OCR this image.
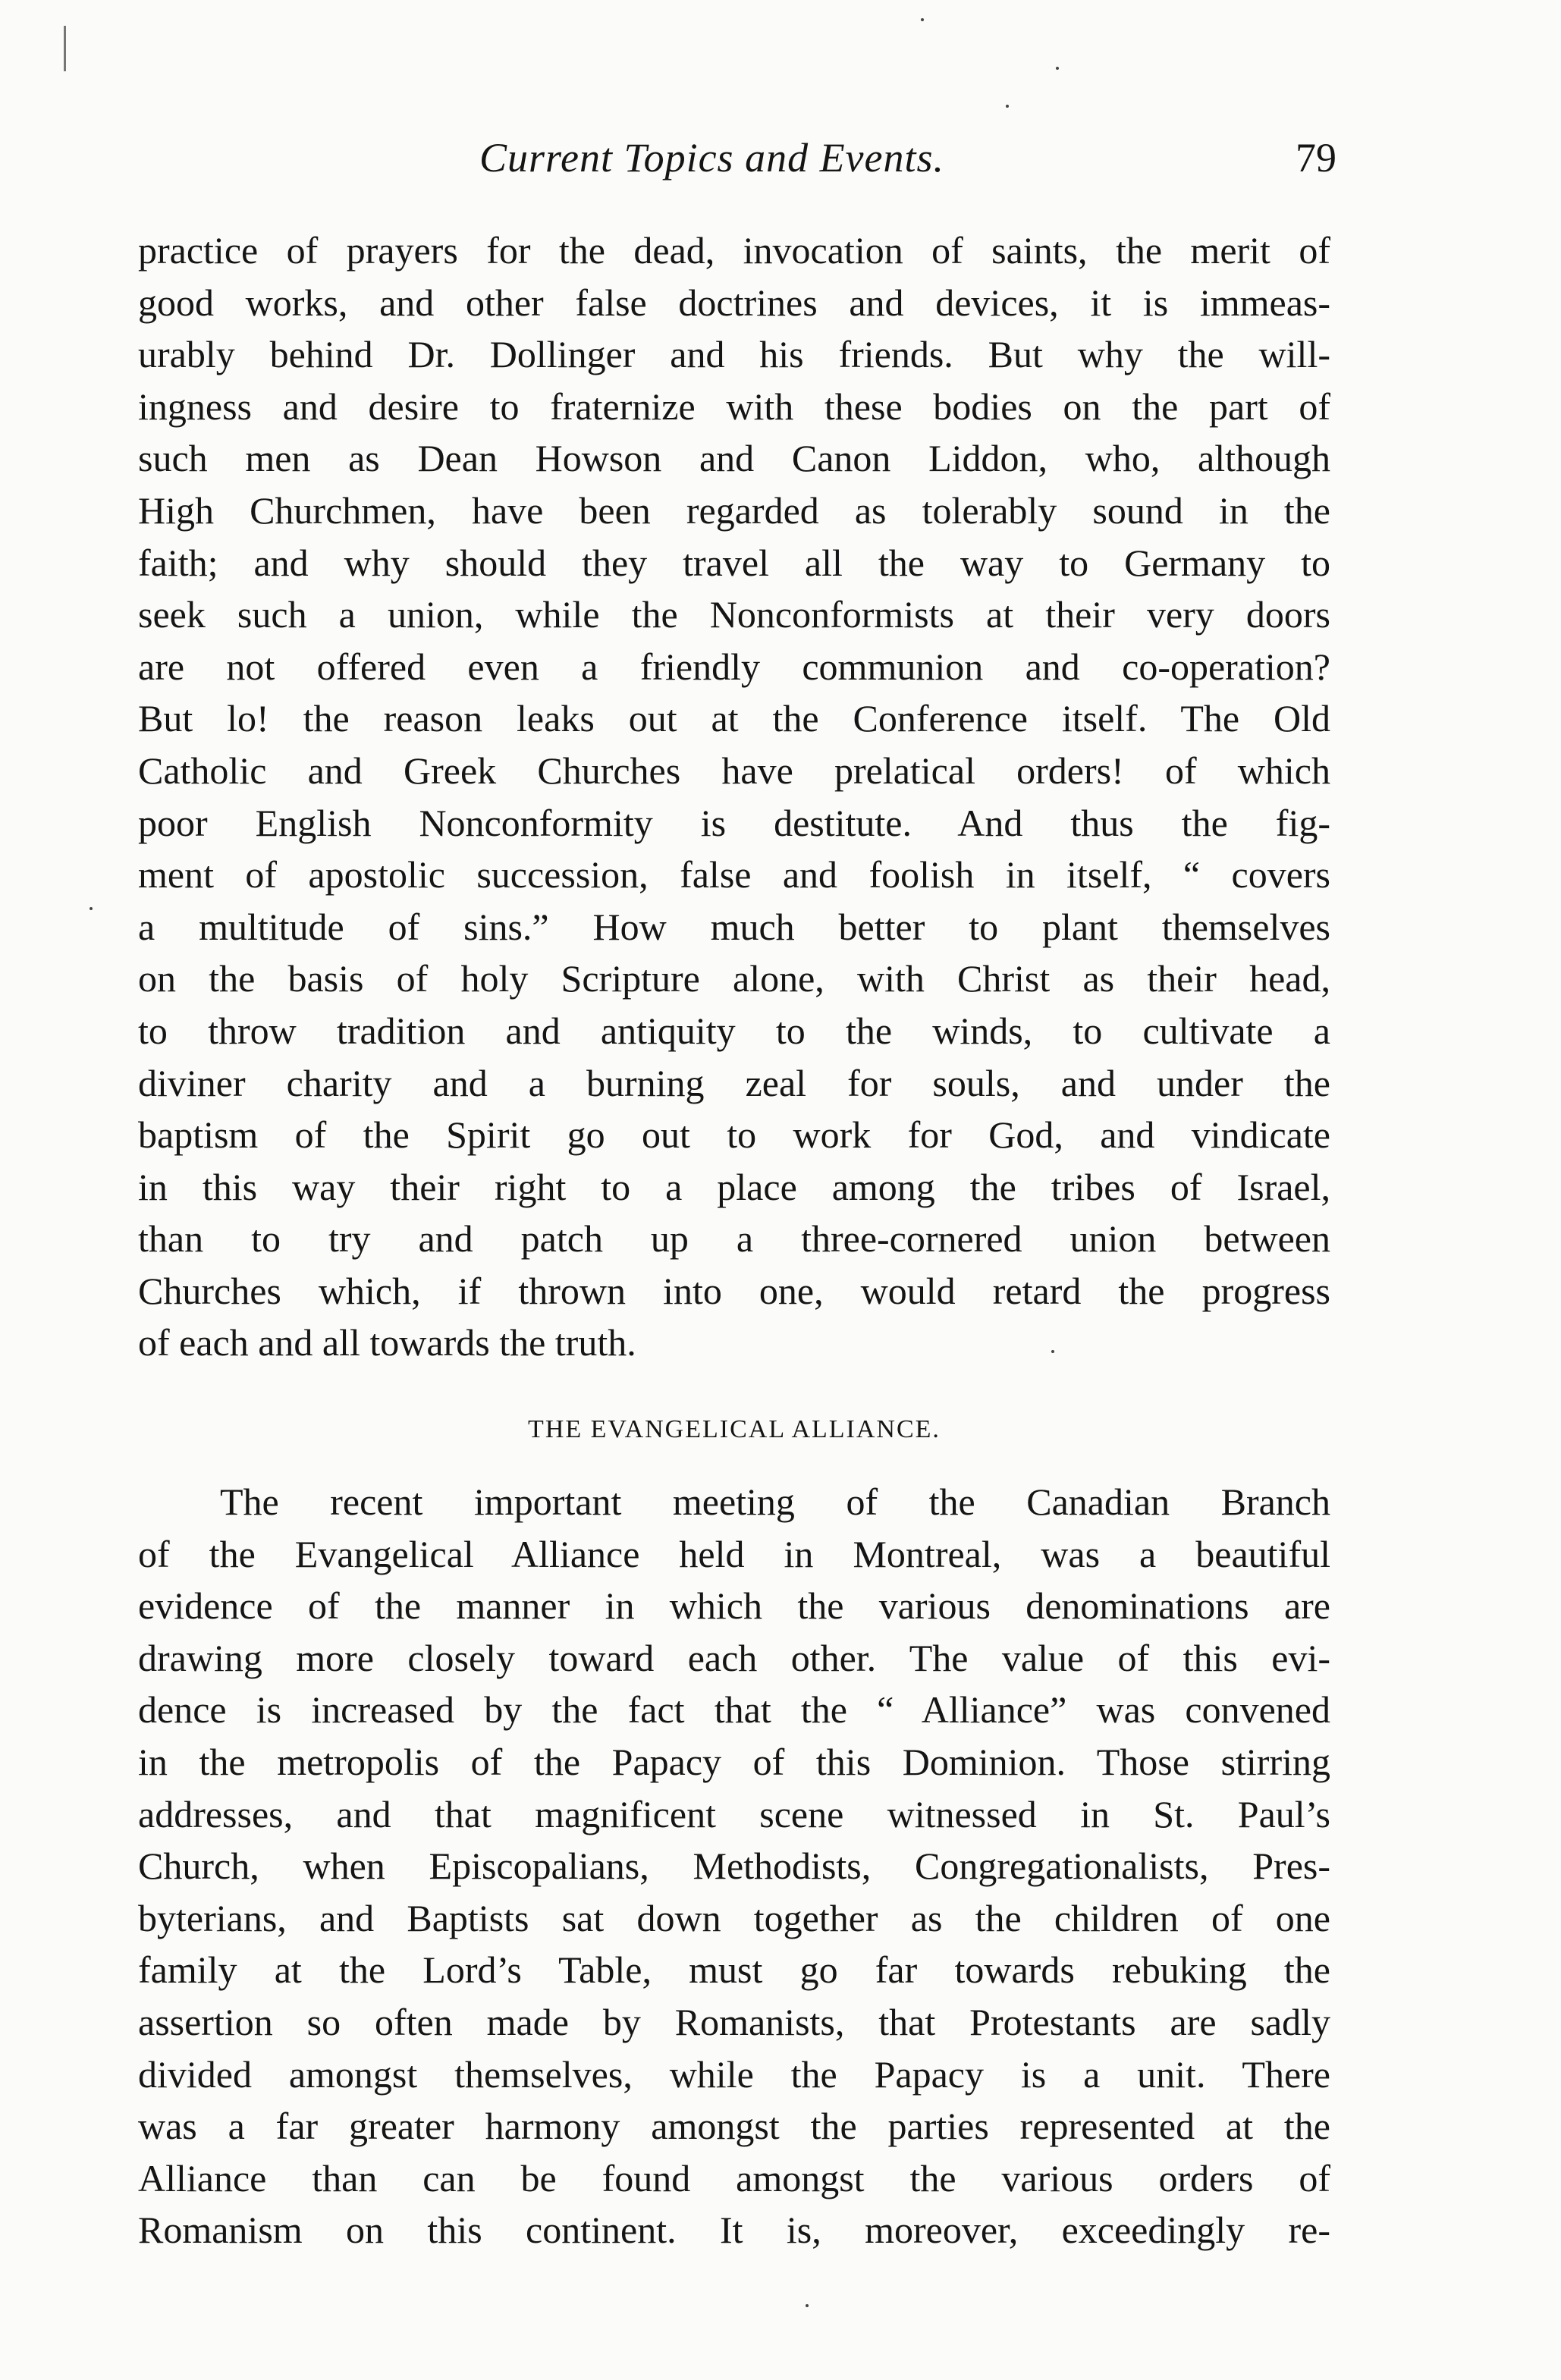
Current Topics and Events.	79
practice of prayers for the dead, invocation of saints, the merit of
good works, and other false doctrines and devices, it is immeas-
urably behind Dr. Dollinger and his friends. But why the will-
ingness and desire to fraternize with these bodies on the part of
such men as Dean Howson and Canon Liddon, who, although
High Churchmen, have been regarded as tolerably sound in the
faith; and why should they travel all the way to Germany to
seek such a union, while the Nonconformists at their very doors
are not offered even a friendly communion and co-operation?
But lo! the reason leaks out at the Conference itself. The Old
Catholic and Greek Churches have prelatical orders! of which
poor English Nonconformity is destitute. And thus the fig-
ment of apostolic succession, false and foolish in itself, “ covers
a multitude of sins.” How much better to plant themselves
on the basis of holy Scripture alone, with Christ as their head,
to throw tradition and antiquity to the winds, to cultivate a
diviner charity and a burning zeal for souls, and under the
baptism of the Spirit go out to work for God, and vindicate
in this way their right to a place among the tribes of Israel,
than to try and patch up a three-cornered union between
Churches which, if thrown into one, would retard the progress
of each and all towards the truth.
THE EVANGELICAL ALLIANCE.
The recent important meeting of the Canadian Branch
of the Evangelical Alliance held in Montreal, was a beautiful
evidence of the manner in which the various denominations are
drawing more closely toward each other. The value of this evi-
dence is increased by the fact that the “ Alliance” was convened
in the metropolis of the Papacy of this Dominion. Those stirring
addresses, and that magnificent scene witnessed in St. Paul’s
Church, when Episcopalians, Methodists, Congregationalists, Pres-
byterians, and Baptists sat down together as the children of one
family at the Lord’s Table, must go far towards rebuking the
assertion so often made by Romanists, that Protestants are sadly
divided amongst themselves, while the Papacy is a unit. There
was a far greater harmony amongst the parties represented at the
Alliance than can be found amongst the various orders of
Romanism on this continent. It is, moreover, exceedingly re-
